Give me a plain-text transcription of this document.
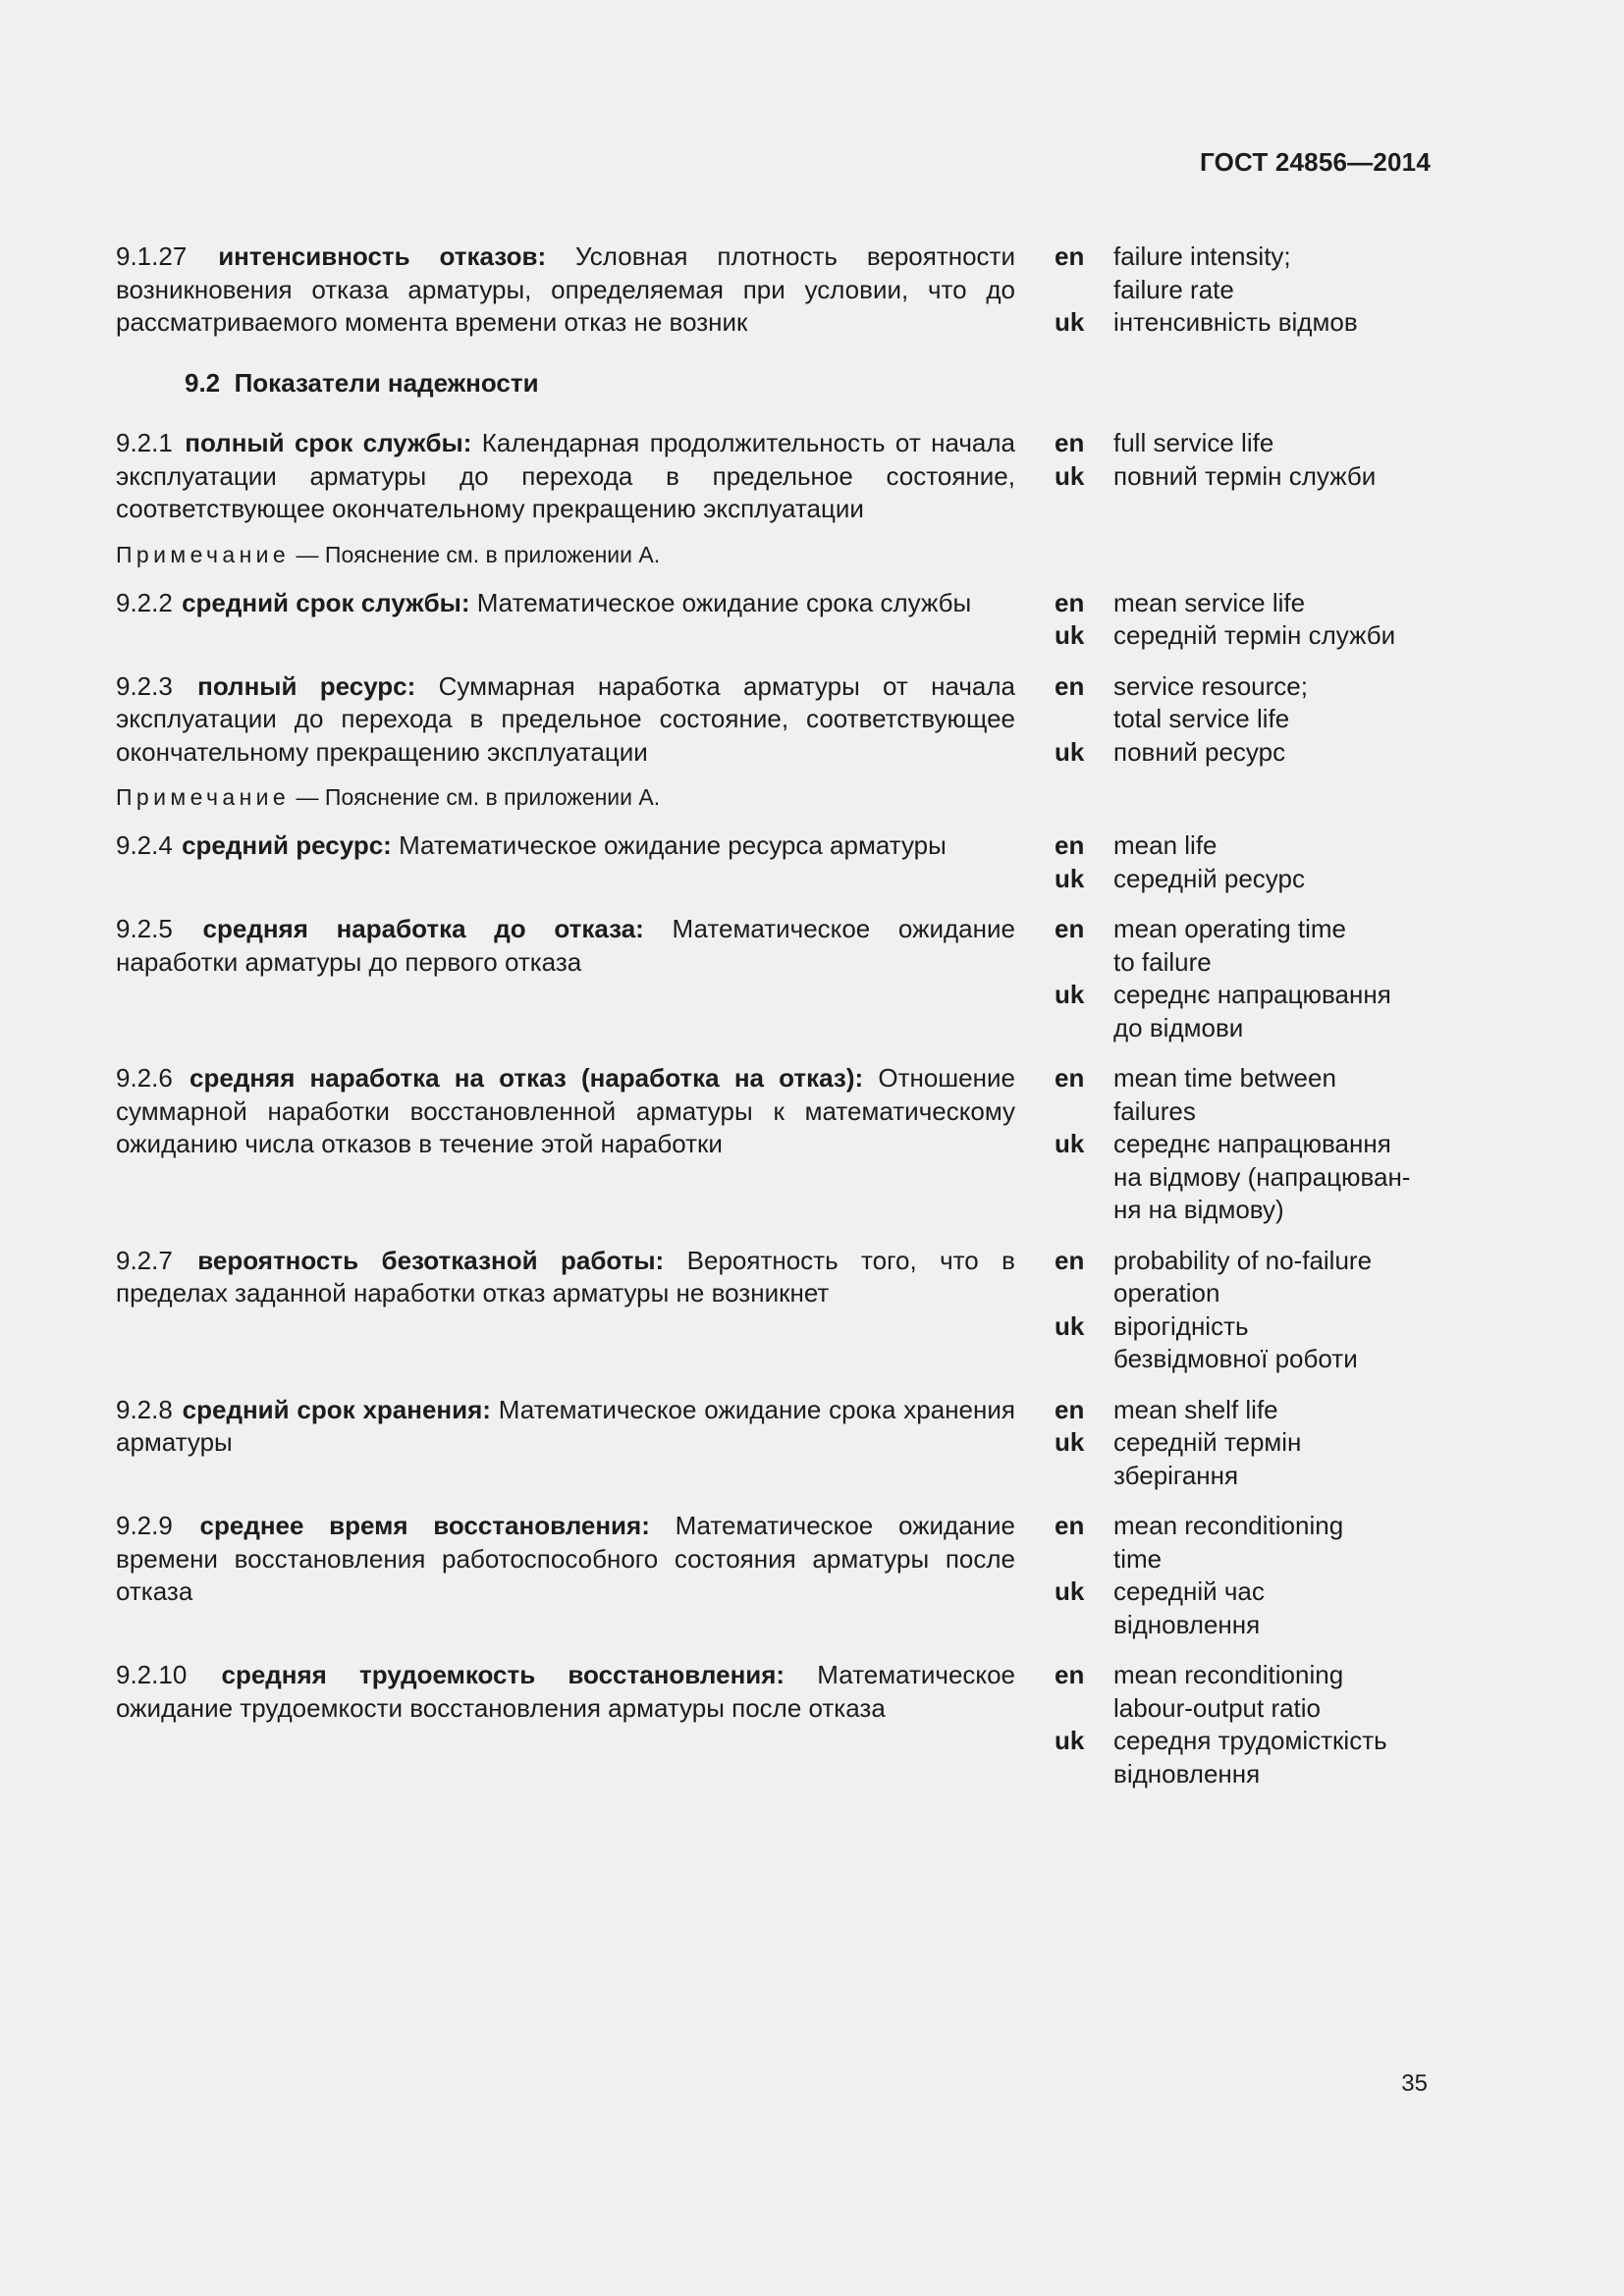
ГОСТ 24856—2014
9.1.27 интенсивность отказов: Условная плотность вероятности возникновения отказа арматуры, определяемая при условии, что до рассматриваемого момента времени отказ не возник
en	failure intensity;
failure rate
uk	інтенсивність відмов
9.2 Показатели надежности
9.2.1 полный срок службы: Календарная продолжительность от начала эксплуатации арматуры до перехода в предельное состояние, соответствующее окончательному прекращению эксплуатации
Примечание — Пояснение см. в приложении А.
en	full service life
uk	повний термін служби
9.2.2 средний срок службы: Математическое ожидание срока службы	en	mean service life
uk	середній термін служби
9.2.3 полный ресурс: Суммарная наработка арматуры от начала эксплуатации до перехода в предельное состояние, соответствующее окончательному прекращению эксплуатации
Примечание — Пояснение см. в приложении А.
en	service resource;
total service life
uk	повний ресурс
9.2.4 средний ресурс: Математическое ожидание ресурса арматуры	en	mean life
uk	середній ресурс
9.2.5 средняя наработка до отказа: Математическое ожидание наработки арматуры до первого отказа
en	mean operating time
to failure
uk	середнє напрацювання
до відмови
9.2.6 средняя наработка на отказ (наработка на отказ): Отношение суммарной наработки восстановленной арматуры к математическому ожиданию числа отказов в течение этой наработки
en	mean time between
failures
uk	середнє напрацювання
на відмову (напрацюван-
ня на відмову)
9.2.7 вероятность безотказной работы: Вероятность того, что в пределах заданной наработки отказ арматуры не возникнет
en	probability of no-failure
operation
uk	вірогідність
безвідмовної роботи
9.2.8 средний срок хранения: Математическое ожидание срока хранения арматуры
en	mean shelf life
uk	середній термін
зберігання
9.2.9 среднее время восстановления: Математическое ожидание времени восстановления работоспособного состояния арматуры после отказа
en	mean reconditioning
time
uk	середній час
відновлення
9.2.10 средняя трудоемкость восстановления: Математическое ожидание трудоемкости восстановления арматуры после отказа
en	mean reconditioning
labour-output ratio
uk	середня трудомісткість
відновлення
35
